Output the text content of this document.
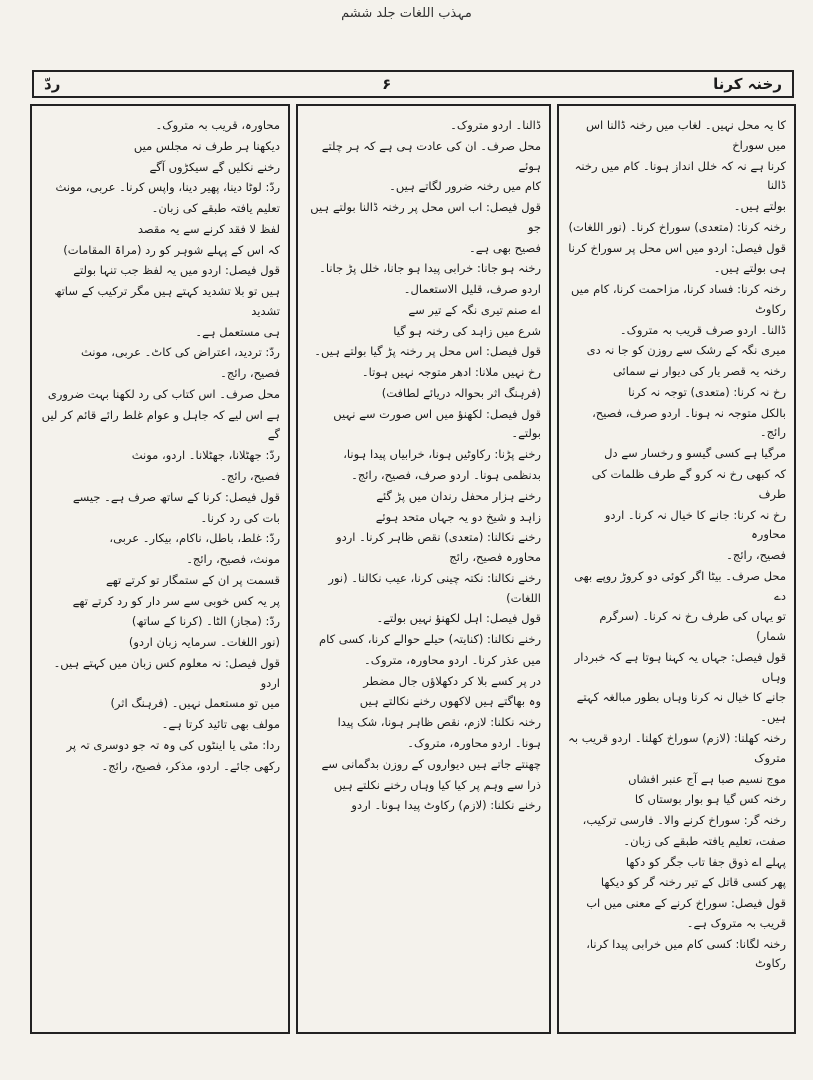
مہذب اللغات جلد ششم
ردّ	۶	رخنہ کرنا

کا یہ محل نہیں۔ لغاب میں رخنہ ڈالنا اس میں سوراخ

کرنا ہے نہ کہ خلل انداز ہونا۔ کام میں رخنہ ڈالنا

بولتے ہیں۔

رخنہ کرنا: (متعدی) سوراخ کرنا۔ (نور اللغات)

قول فیصل: اردو میں اس محل پر سوراخ کرنا

ہی بولتے ہیں۔

رخنہ کرنا: فساد کرنا، مزاحمت کرنا، کام میں رکاوٹ

ڈالنا۔ اردو صرف قریب بہ متروک۔

میری نگہ کے رشک سے روزن کو جا نہ دی

رخنہ یہ قصر یار کی دیوار نے سمائی

رخ نہ کرنا: (متعدی) توجہ نہ کرنا

بالکل متوجہ نہ ہونا۔ اردو صرف، فصیح، رائج۔

مرگیا ہے کسی گیسو و رخسار سے دل

کہ کبھی رخ نہ کرو گے طرف ظلمات کی طرف

رخ نہ کرنا: جانے کا خیال نہ کرنا۔ اردو محاورہ

فصیح، رائج۔

محل صرف۔ بیٹا اگر کوئی دو کروڑ روپے بھی دے

تو یہاں کی طرف رخ نہ کرنا۔ (سرگرم شمار)

قول فیصل: جہاں یہ کہنا ہوتا ہے کہ خبردار وہاں

جانے کا خیال نہ کرنا وہاں بطور مبالغہ کہتے ہیں۔

رخنہ کھلنا: (لازم) سوراخ کھلنا۔ اردو قریب بہ متروک

موج نسیم صبا ہے آج عنبر افشاں

رخنہ کس گیا ہو بوار بوستاں کا

رخنہ گر: سوراخ کرنے والا۔ فارسی ترکیب،

صفت، تعلیم یافتہ طبقے کی زبان۔

پہلے اے ذوق جفا تاب جگر کو دکھا

پھر کسی قاتل کے تیر رخنہ گر کو دیکھا

قول فیصل: سوراخ کرنے کے معنی میں اب قریب بہ متروک ہے۔

رخنہ لگانا: کسی کام میں خرابی پیدا کرنا، رکاوٹ

ڈالنا۔ اردو متروک۔

محل صرف۔ ان کی عادت ہی ہے کہ ہر چلتے ہوئے

کام میں رخنہ ضرور لگاتے ہیں۔

قول فیصل: اب اس محل پر رخنہ ڈالنا بولتے ہیں جو

فصیح بھی ہے۔

رخنہ ہو جانا: خرابی پیدا ہو جانا، خلل پڑ جانا۔

اردو صرف، قلیل الاستعمال۔

اے صنم تیری نگہ کے تیر سے

شرع میں زاہد کی رخنہ ہو گیا

قول فیصل: اس محل پر رخنہ پڑ گیا بولتے ہیں۔

رخ نہیں ملانا: ادھر متوجہ نہیں ہوتا۔

(فرہنگ اثر بحوالہ دریائے لطافت)

قول فیصل: لکھنؤ میں اس صورت سے نہیں بولتے۔

رخنے پڑنا: رکاوٹیں ہونا، خرابیاں پیدا ہونا،

بدنظمی ہونا۔ اردو صرف، فصیح، رائج۔

رخنے ہزار محفل رندان میں پڑ گئے

زاہد و شیخ دو یہ جہاں متحد ہوئے

رخنے نکالنا: (متعدی) نقص ظاہر کرنا۔ اردو محاورہ فصیح، رائج

رخنے نکالنا: نکتہ چینی کرنا، عیب نکالنا۔ (نور اللغات)

قول فیصل: اہل لکھنؤ نہیں بولتے۔

رخنے نکالنا: (کنایتہ) حیلے حوالے کرنا، کسی کام

میں عذر کرنا۔ اردو محاورہ، متروک۔

در پر کسے بلا کر دکھلاؤں جال مضطر

وہ بھاگتے ہیں لاکھوں رخنے نکالتے ہیں

رخنہ نکلنا: لازم، نقص ظاہر ہونا، شک پیدا

ہونا۔ اردو محاورہ، متروک۔

چھنتے جاتے ہیں دیواروں کے روزن بدگمانی سے

ذرا سے وہم پر کیا کیا وہاں رخنے نکلتے ہیں

رخنے نکلنا: (لازم) رکاوٹ پیدا ہونا۔ اردو

محاورہ، قریب بہ متروک۔

دیکھنا ہر طرف نہ مجلس میں

رخنے نکلیں گے سیکڑوں آگے

ردّ: لوٹا دینا، پھیر دینا، واپس کرنا۔ عربی، مونث

تعلیم یافتہ طبقے کی زبان۔

لفظ لا فقد کرنے سے یہ مقصد

کہ اس کے پہلے شوہر کو رد (مراۃ المقامات)

قول فیصل: اردو میں یہ لفظ جب تنہا بولتے

ہیں تو بلا تشدید کہتے ہیں مگر ترکیب کے ساتھ تشدید

ہی مستعمل ہے۔

ردّ: تردید، اعتراض کی کاٹ۔ عربی، مونث

فصیح، رائج۔

محل صرف۔ اس کتاب کی رد لکھنا بہت ضروری

ہے اس لیے کہ جاہل و عوام غلط رائے قائم کر لیں گے

ردّ: جھٹلانا، جھٹلانا۔ اردو، مونث

فصیح، رائج۔

قول فیصل: کرنا کے ساتھ صرف ہے۔ جیسے

بات کی رد کرنا۔

ردّ: غلط، باطل، ناکام، بیکار۔ عربی،

مونث، فصیح، رائج۔

قسمت پر ان کے ستمگار تو کرتے تھے

پر یہ کس خوبی سے سر دار کو رد کرتے تھے

ردّ: (مجاز) الٹا۔ (کرنا کے ساتھ)

(نور اللغات۔ سرمایہ زبان اردو)

قول فیصل: نہ معلوم کس زبان میں کہتے ہیں۔ اردو

میں تو مستعمل نہیں۔ (فرہنگ اثر)

مولف بھی تائید کرتا ہے۔

ردا: مٹی یا اینٹوں کی وہ تہ جو دوسری تہ پر

رکھی جائے۔ اردو، مذکر، فصیح، رائج۔
